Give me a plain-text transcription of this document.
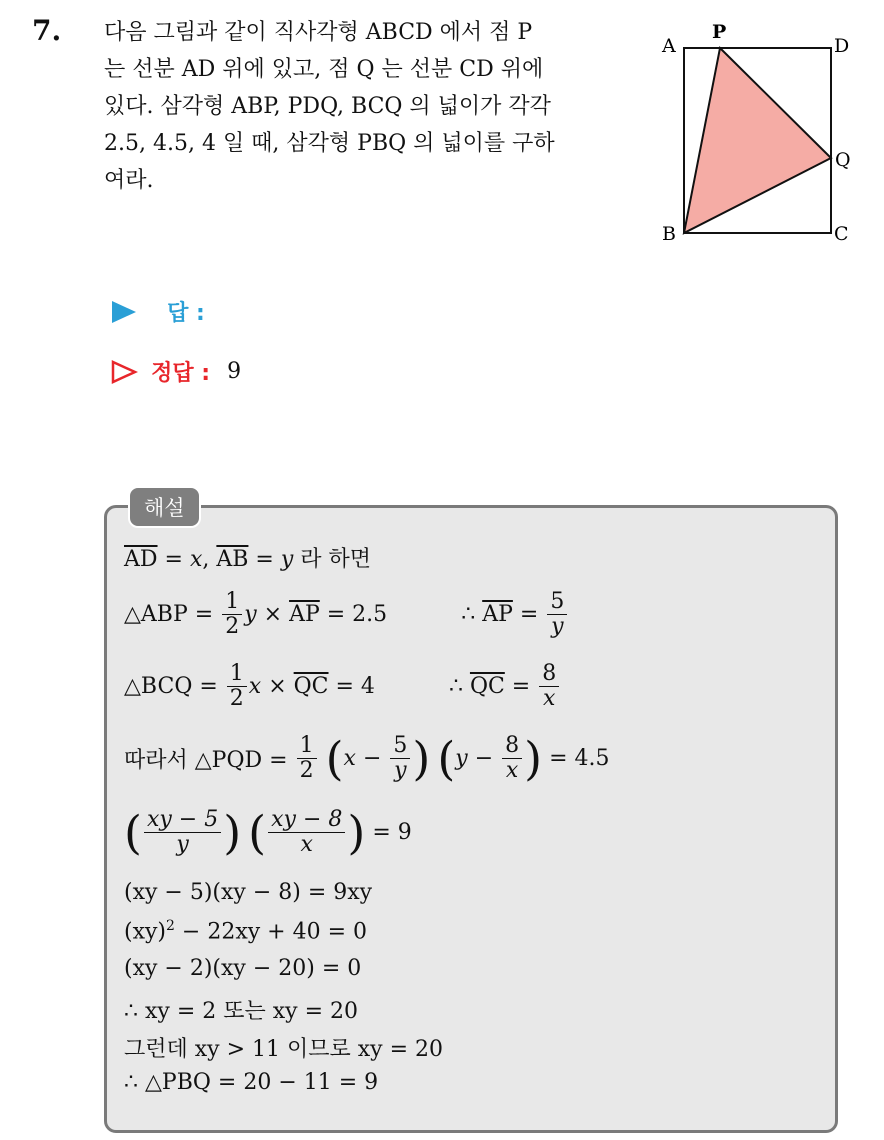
7. 다음 그림과 같이 직사각형 ABCD 에서 점 P
는 선분 AD 위에 있고, 점 Q 는 선분 CD 위에
있다. 삼각형 ABP, PDQ, BCQ 의 넓이가 각각
2.5, 4.5, 4 일 때, 삼각형 PBQ 의 넓이를 구하
여라.
A
P
D
Q
B	C
답 :
정답 : 9
해설
$\overline{AD} = x$, $\overline{AB} = y$ 라 하면
△ABP = $\frac{1}{2}$ $y \times \overline{AP} = 2.5$	∴ $\overline{AP} = \frac{5}{y}$
△BCQ = $\frac{1}{2}$ $x \times \overline{QC} = 4$	∴ $\overline{QC} = \frac{8}{x}$
따라서 △PQD = $\frac{1}{2} (x - \frac{5}{y}$ ) ($y - \frac{8}{x}$ ) = 4.5
( $\frac{xy - 5}{y}$ ) ( $\frac{xy - 8}{x}$ ) = 9
(xy − 5)(xy − 8) = 9xy
(xy)$^2$ − 22xy + 40 = 0
(xy − 2)(xy − 20) = 0
∴ xy = 2 또는 xy = 20
그런데 xy > 11 이므로 xy = 20
∴ △PBQ = 20 − 11 = 9
